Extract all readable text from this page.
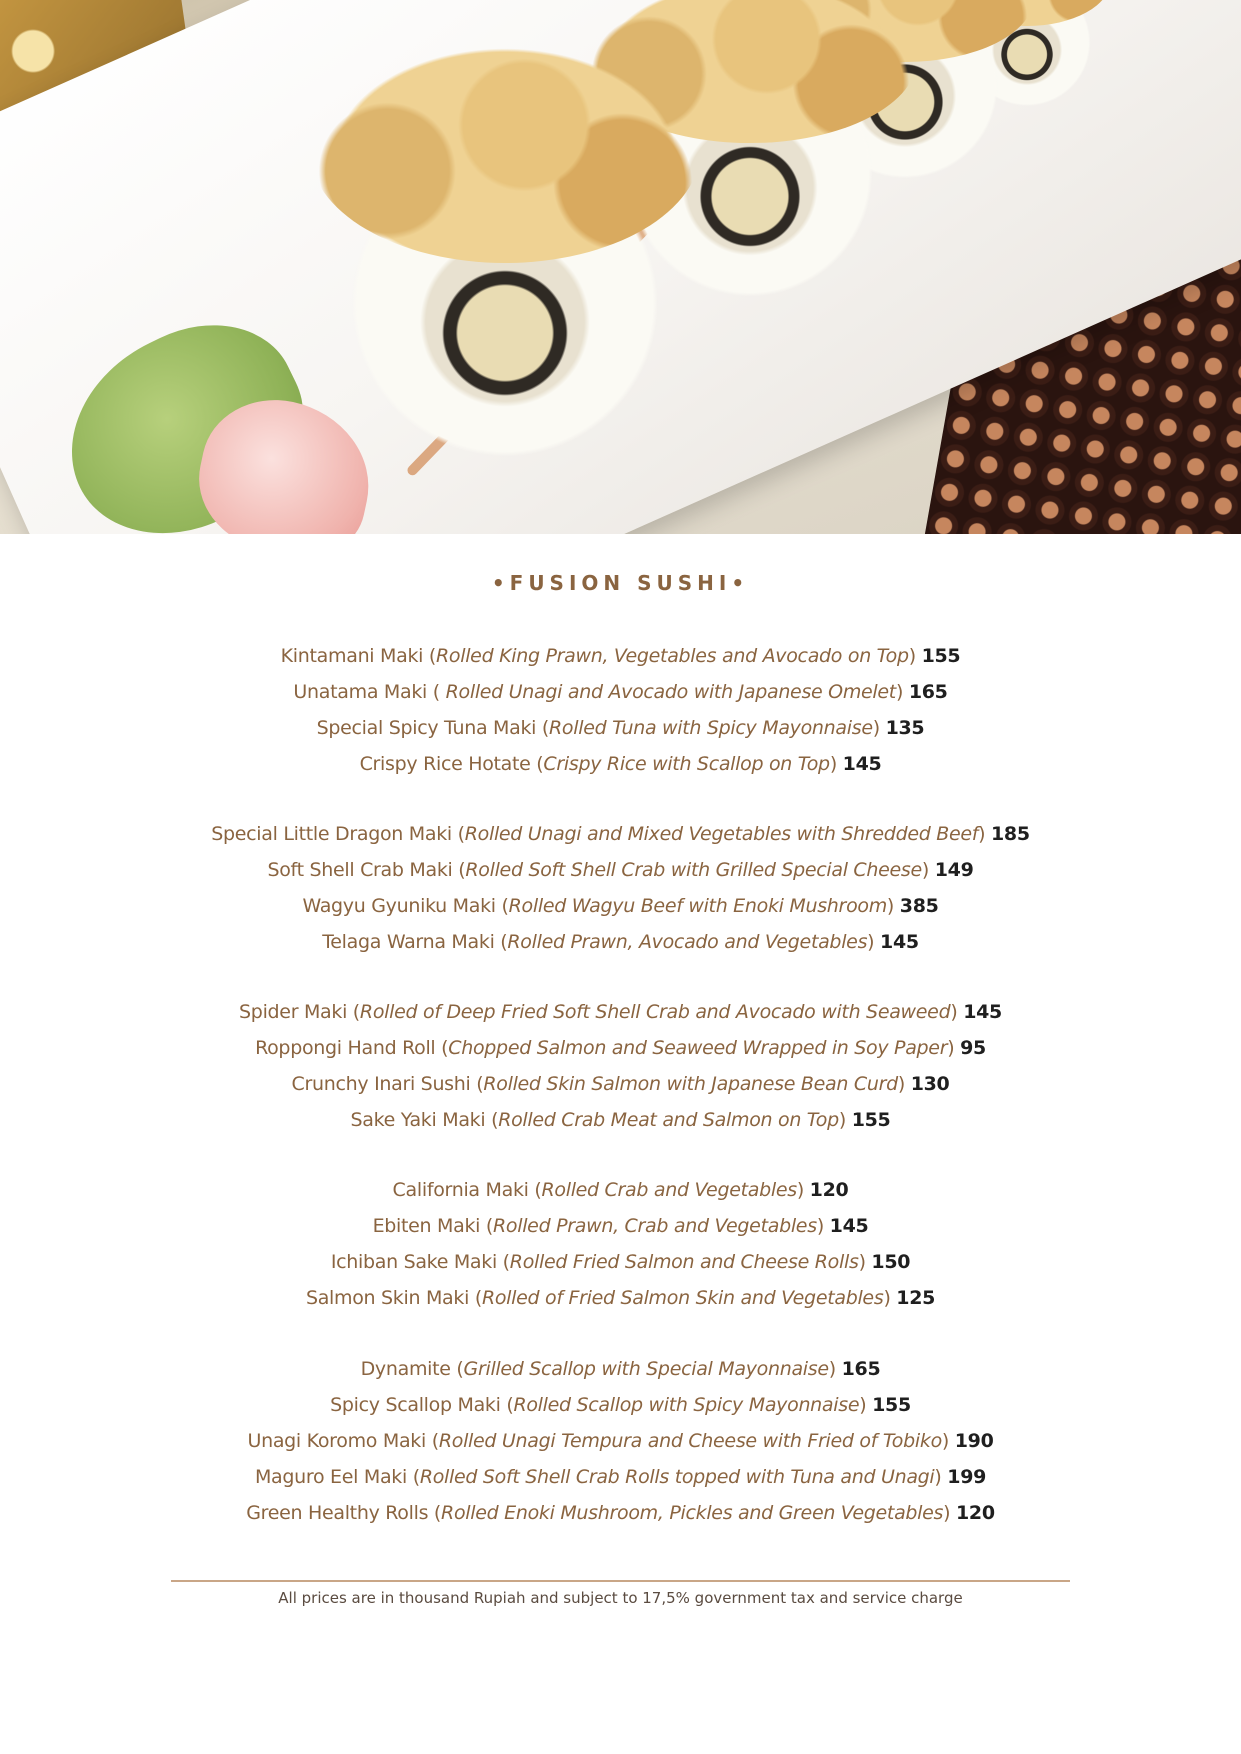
•FUSION SUSHI•
Kintamani Maki (Rolled King Prawn, Vegetables and Avocado on Top) 155
Unatama Maki ( Rolled Unagi and Avocado with Japanese Omelet) 165
Special Spicy Tuna Maki (Rolled Tuna with Spicy Mayonnaise) 135
Crispy Rice Hotate (Crispy Rice with Scallop on Top) 145
Special Little Dragon Maki (Rolled Unagi and Mixed Vegetables with Shredded Beef) 185
Soft Shell Crab Maki (Rolled Soft Shell Crab with Grilled Special Cheese) 149
Wagyu Gyuniku Maki (Rolled Wagyu Beef with Enoki Mushroom) 385
Telaga Warna Maki (Rolled Prawn, Avocado and Vegetables) 145
Spider Maki (Rolled of Deep Fried Soft Shell Crab and Avocado with Seaweed) 145
Roppongi Hand Roll (Chopped Salmon and Seaweed Wrapped in Soy Paper) 95
Crunchy Inari Sushi (Rolled Skin Salmon with Japanese Bean Curd) 130
Sake Yaki Maki (Rolled Crab Meat and Salmon on Top) 155
California Maki (Rolled Crab and Vegetables) 120
Ebiten Maki (Rolled Prawn, Crab and Vegetables) 145
Ichiban Sake Maki (Rolled Fried Salmon and Cheese Rolls) 150
Salmon Skin Maki (Rolled of Fried Salmon Skin and Vegetables) 125
Dynamite (Grilled Scallop with Special Mayonnaise) 165
Spicy Scallop Maki (Rolled Scallop with Spicy Mayonnaise) 155
Unagi Koromo Maki (Rolled Unagi Tempura and Cheese with Fried of Tobiko) 190
Maguro Eel Maki (Rolled Soft Shell Crab Rolls topped with Tuna and Unagi) 199
Green Healthy Rolls (Rolled Enoki Mushroom, Pickles and Green Vegetables) 120
All prices are in thousand Rupiah and subject to 17,5% government tax and service charge
